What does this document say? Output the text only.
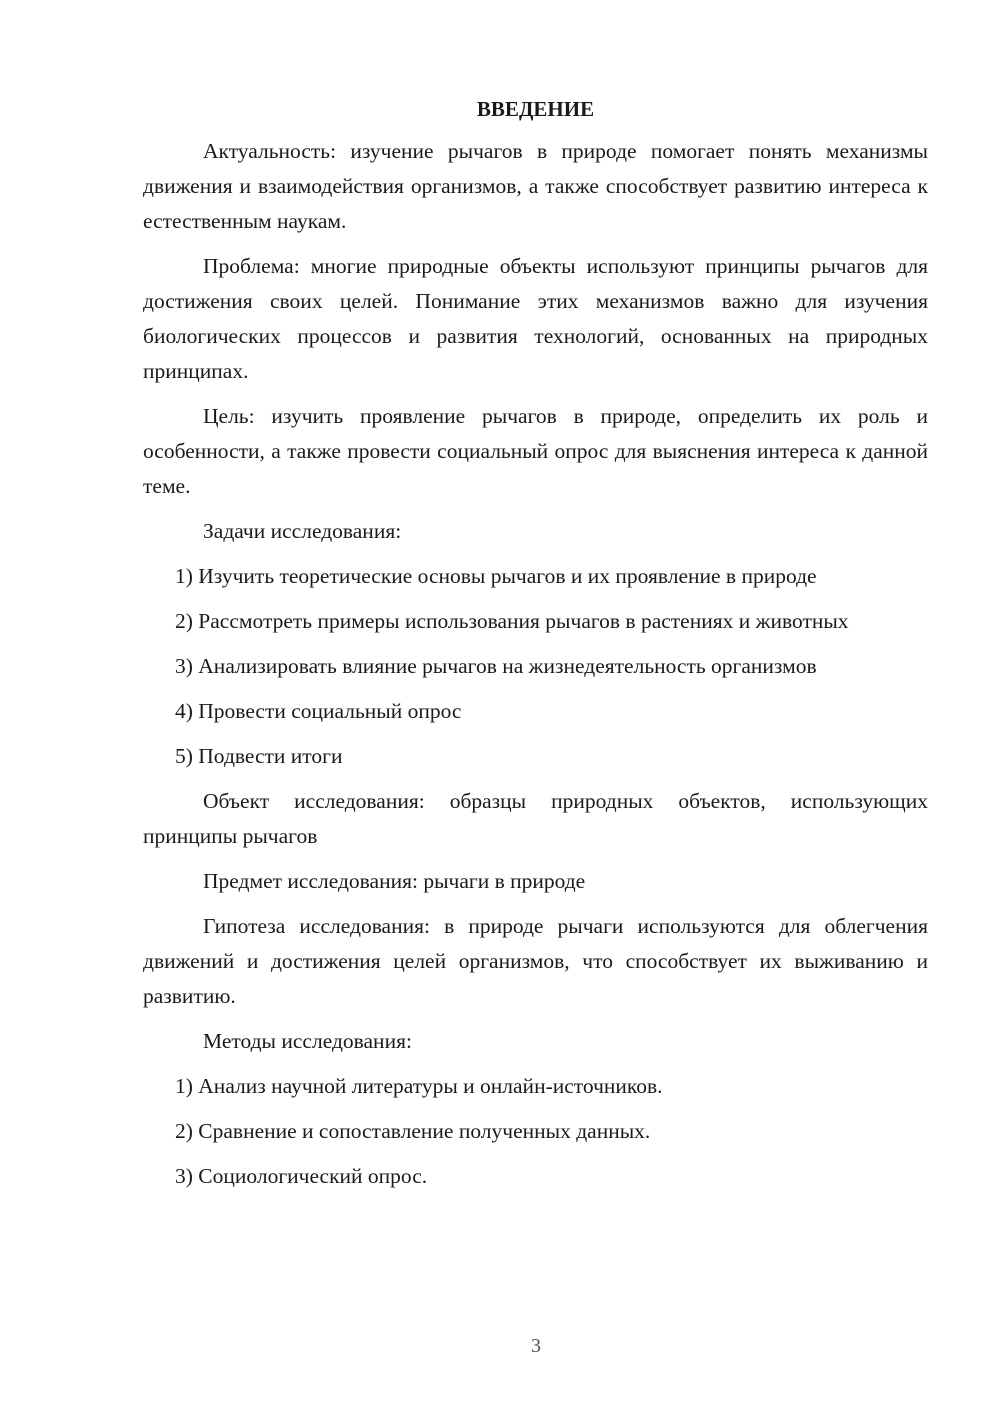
ВВЕДЕНИЕ

Актуальность: изучение рычагов в природе помогает понять механизмы движения и взаимодействия организмов, а также способствует развитию интереса к естественным наукам.

Проблема: многие природные объекты используют принципы рычагов для достижения своих целей. Понимание этих механизмов важно для изучения биологических процессов и развития технологий, основанных на природных принципах.

Цель: изучить проявление рычагов в природе, определить их роль и особенности, а также провести социальный опрос для выяснения интереса к данной теме.

Задачи исследования:

1) Изучить теоретические основы рычагов и их проявление в природе

2) Рассмотреть примеры использования рычагов в растениях и животных

3) Анализировать влияние рычагов на жизнедеятельность организмов

4) Провести социальный опрос

5) Подвести итоги

Объект исследования: образцы природных объектов, использующих принципы рычагов

Предмет исследования: рычаги в природе

Гипотеза исследования: в природе рычаги используются для облегчения движений и достижения целей организмов, что способствует их выживанию и развитию.

Методы исследования:

1) Анализ научной литературы и онлайн-источников.

2) Сравнение и сопоставление полученных данных.

3) Социологический опрос.

3
